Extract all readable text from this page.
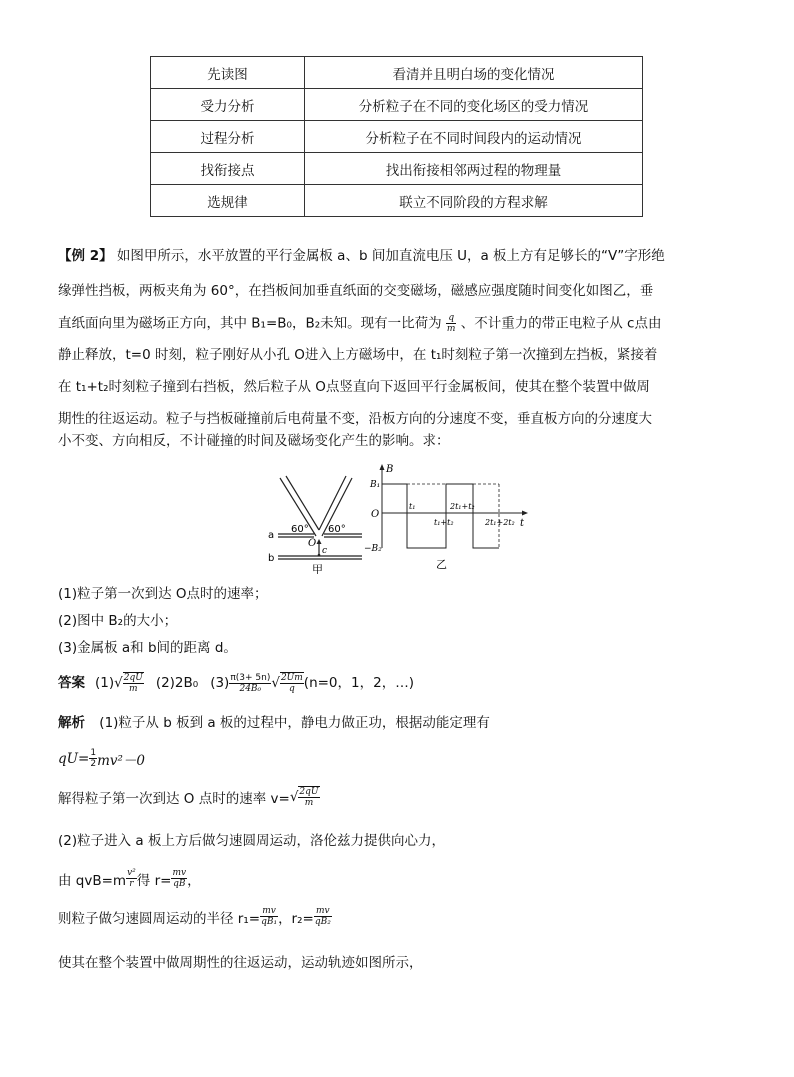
先读图	看清并且明白场的变化情况
受力分析	分析粒子在不同的变化场区的受力情况
过程分析	分析粒子在不同时间段内的运动情况
找衔接点	找出衔接相邻两过程的物理量
选规律	联立不同阶段的方程求解
【例 2】 如图甲所示，水平放置的平行金属板 a、b 间加直流电压 U，a 板上方有足够长的“V”字形绝
缘弹性挡板，两板夹角为 60°，在挡板间加垂直纸面的交变磁场，磁感应强度随时间变化如图乙，垂
直纸面向里为磁场正方向，其中 B₁=B₀，B₂未知。现有一比荷为 $\frac{q}{m}$ 、不计重力的带正电粒子从 c点由
静止释放，t=0 时刻，粒子刚好从小孔 O进入上方磁场中，在 t₁时刻粒子第一次撞到左挡板，紧接着
在 t₁+t₂时刻粒子撞到右挡板，然后粒子从 O点竖直向下返回平行金属板间，使其在整个装置中做周
期性的往返运动。粒子与挡板碰撞前后电荷量不变，沿板方向的分速度不变，垂直板方向的分速度大
小不变、方向相反，不计碰撞的时间及磁场变化产生的影响。求：
60° 60°
a
b
O
c
甲
B
t
B₁
O
−B₂
t₁
t₁+t₂
2t₁+t₂
2t₁+2t₂
乙
(1)粒子第一次到达 O点时的速率；
(2)图中 B₂的大小；
(3)金属板 a和 b间的距离 d。
答案 (1) √ $\frac{2qU}{m} (2)2B_0$ $(3) \frac{\pi(3+ 5n)}{\text{24B₀}}$ √ $\frac{2Um}{q} (n=0$，1，2，…)
解析 (1)粒子从 b 板到 a 板的过程中，静电力做正功，根据动能定理有
$qU= \frac{1}{2} mv^2-0$
解得粒子第一次到达 O 点时的速率 v= √ $\frac{2qU}{m}$
(2)粒子进入 a 板上方后做匀速圆周运动，洛伦兹力提供向心力，
由 $qvB=m \frac{\text{v²}}{r}$ 得 $r= \frac{mv}{qB}$ ，
则粒子做匀速圆周运动的半径 $r_1= \frac{mv}{\text{qB₁}}$ ，$r_2= \frac{mv}{\text{qB₂}}$
使其在整个装置中做周期性的往返运动，运动轨迹如图所示，
